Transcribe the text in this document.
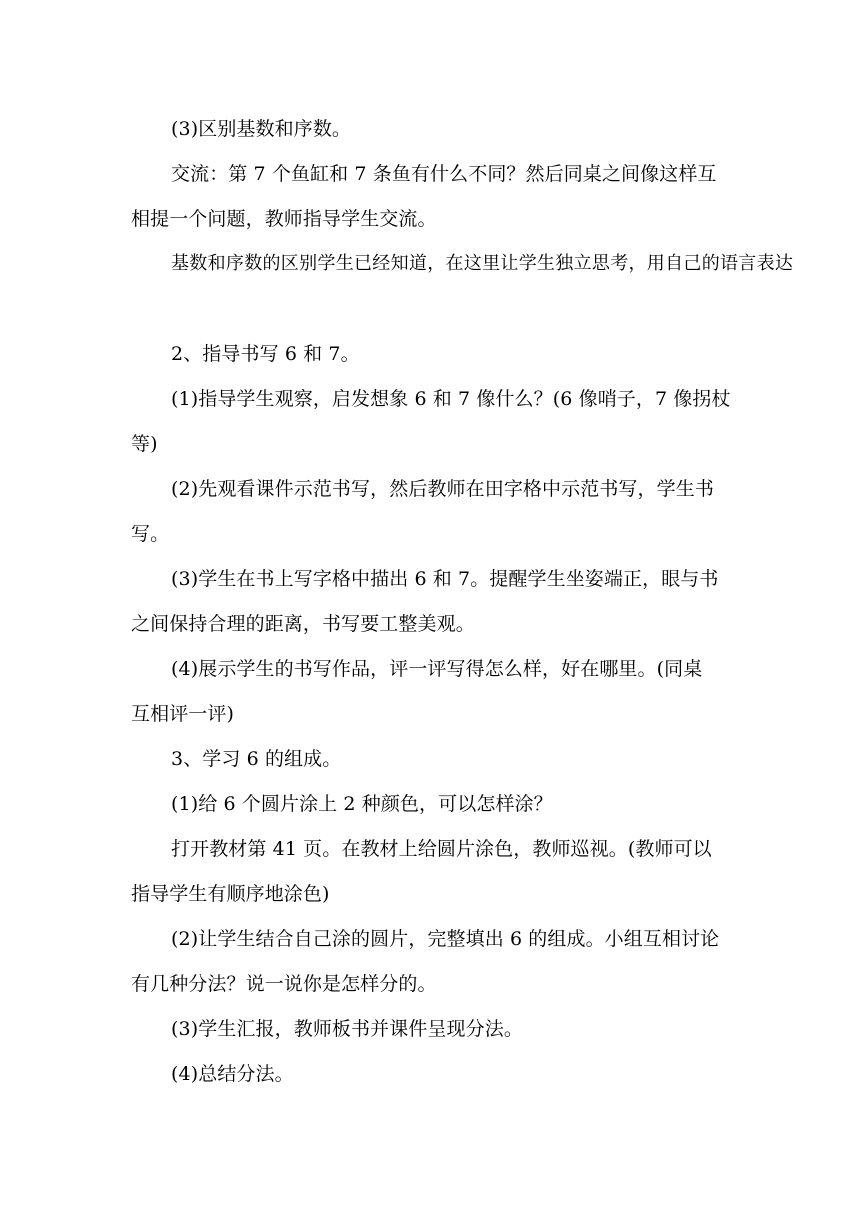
(3)区别基数和序数。
交流：第 7 个鱼缸和 7 条鱼有什么不同？然后同桌之间像这样互
相提一个问题，教师指导学生交流。
基数和序数的区别学生已经知道，在这里让学生独立思考，用自己的语言表达
2、指导书写 6 和 7。
(1)指导学生观察，启发想象 6 和 7 像什么？(6 像哨子，7 像拐杖
等)
(2)先观看课件示范书写，然后教师在田字格中示范书写，学生书
写。
(3)学生在书上写字格中描出 6 和 7。提醒学生坐姿端正，眼与书
之间保持合理的距离，书写要工整美观。
(4)展示学生的书写作品，评一评写得怎么样，好在哪里。(同桌
互相评一评)
3、学习 6 的组成。
(1)给 6 个圆片涂上 2 种颜色，可以怎样涂？
打开教材第 41 页。在教材上给圆片涂色，教师巡视。(教师可以
指导学生有顺序地涂色)
(2)让学生结合自己涂的圆片，完整填出 6 的组成。小组互相讨论
有几种分法？说一说你是怎样分的。
(3)学生汇报，教师板书并课件呈现分法。
(4)总结分法。
